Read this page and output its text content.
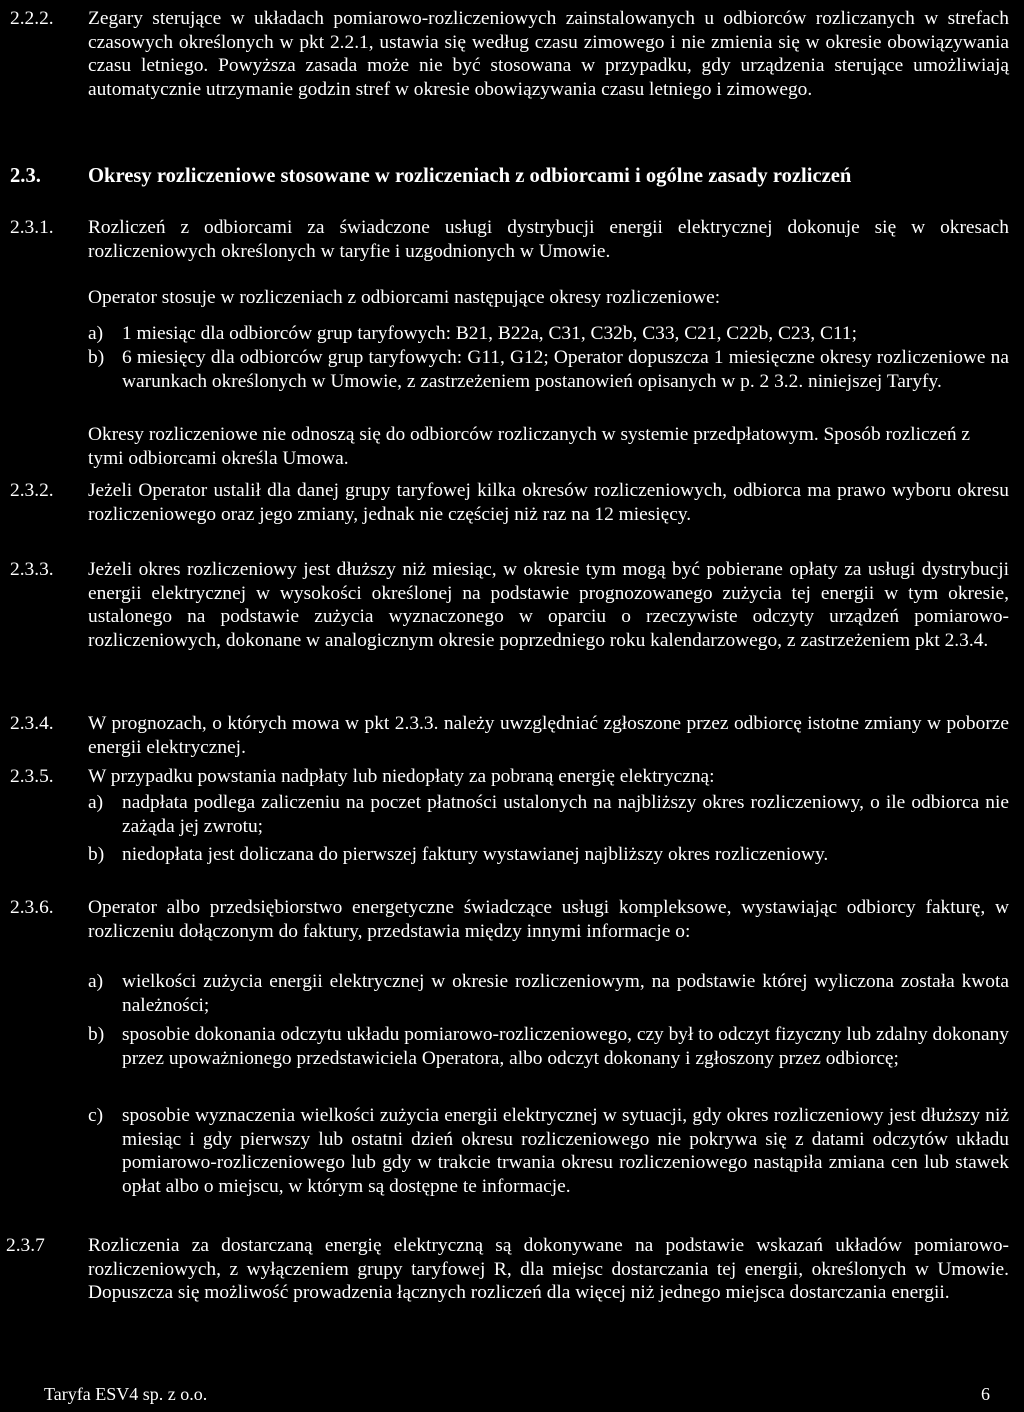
2.2.2.	Zegary sterujące w układach pomiarowo-rozliczeniowych zainstalowanych u odbiorców rozliczanych w strefach czasowych określonych w pkt 2.2.1, ustawia się według czasu zimowego i nie zmienia się w okresie obowiązywania czasu letniego. Powyższa zasada może nie być stosowana w przypadku, gdy urządzenia sterujące umożliwiają automatycznie utrzymanie godzin stref w okresie obowiązywania czasu letniego i zimowego.

2.3.	Okresy rozliczeniowe stosowane w rozliczeniach z odbiorcami i ogólne zasady rozliczeń

2.3.1.	Rozliczeń z odbiorcami za świadczone usługi dystrybucji energii elektrycznej dokonuje się w okresach rozliczeniowych określonych w taryfie i uzgodnionych w Umowie.

Operator stosuje w rozliczeniach z odbiorcami następujące okresy rozliczeniowe:

a) 1 miesiąc dla odbiorców grup taryfowych: B21, B22a, C31, C32b, C33, C21, C22b, C23, C11;

b) 6 miesięcy dla odbiorców grup taryfowych: G11, G12; Operator dopuszcza 1 miesięczne okresy rozliczeniowe na warunkach określonych w Umowie, z zastrzeżeniem postanowień opisanych w p. 2 3.2. niniejszej Taryfy.

Okresy rozliczeniowe nie odnoszą się do odbiorców rozliczanych w systemie przedpłatowym. Sposób rozliczeń z tymi odbiorcami określa Umowa.

2.3.2.	Jeżeli Operator ustalił dla danej grupy taryfowej kilka okresów rozliczeniowych, odbiorca ma prawo wyboru okresu rozliczeniowego oraz jego zmiany, jednak nie częściej niż raz na 12 miesięcy.

2.3.3.	Jeżeli okres rozliczeniowy jest dłuższy niż miesiąc, w okresie tym mogą być pobierane opłaty za usługi dystrybucji energii elektrycznej w wysokości określonej na podstawie prognozowanego zużycia tej energii w tym okresie, ustalonego na podstawie zużycia wyznaczonego w oparciu o rzeczywiste odczyty urządzeń pomiarowo-rozliczeniowych, dokonane w analogicznym okresie poprzedniego roku kalendarzowego, z zastrzeżeniem pkt 2.3.4.

2.3.4.	W prognozach, o których mowa w pkt 2.3.3. należy uwzględniać zgłoszone przez odbiorcę istotne zmiany w poborze energii elektrycznej.

2.3.5.	W przypadku powstania nadpłaty lub niedopłaty za pobraną energię elektryczną:

a) nadpłata podlega zaliczeniu na poczet płatności ustalonych na najbliższy okres rozliczeniowy, o ile odbiorca nie zażąda jej zwrotu;

b) niedopłata jest doliczana do pierwszej faktury wystawianej najbliższy okres rozliczeniowy.

2.3.6.	Operator albo przedsiębiorstwo energetyczne świadczące usługi kompleksowe, wystawiając odbiorcy fakturę, w rozliczeniu dołączonym do faktury, przedstawia między innymi informacje o:

a) wielkości zużycia energii elektrycznej w okresie rozliczeniowym, na podstawie której wyliczona została kwota należności;

b) sposobie dokonania odczytu układu pomiarowo-rozliczeniowego, czy był to odczyt fizyczny lub zdalny dokonany przez upoważnionego przedstawiciela Operatora, albo odczyt dokonany i zgłoszony przez odbiorcę;

c) sposobie wyznaczenia wielkości zużycia energii elektrycznej w sytuacji, gdy okres rozliczeniowy jest dłuższy niż miesiąc i gdy pierwszy lub ostatni dzień okresu rozliczeniowego nie pokrywa się z datami odczytów układu pomiarowo-rozliczeniowego lub gdy w trakcie trwania okresu rozliczeniowego nastąpiła zmiana cen lub stawek opłat albo o miejscu, w którym są dostępne te informacje.

2.3.7	Rozliczenia za dostarczaną energię elektryczną są dokonywane na podstawie wskazań układów pomiarowo-rozliczeniowych, z wyłączeniem grupy taryfowej R, dla miejsc dostarczania tej energii, określonych w Umowie. Dopuszcza się możliwość prowadzenia łącznych rozliczeń dla więcej niż jednego miejsca dostarczania energii.

Taryfa ESV4 sp. z o.o.	6
